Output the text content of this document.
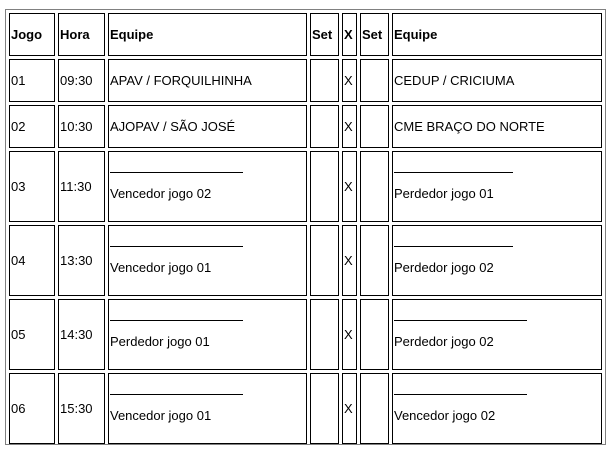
Jogo	Hora	Equipe	Set	X	Set	Equipe
01	09:30	APAV / FORQUILHINHA		X		CEDUP / CRICIUMA
02	10:30	AJOPAV / SÃO JOSÉ		X		CME BRAÇO DO NORTE
03	11:30	Vencedor jogo 02		X		Perdedor jogo 01
04	13:30	Vencedor jogo 01		X		Perdedor jogo 02
05	14:30	Perdedor jogo 01		X		Perdedor jogo 02
06	15:30	Vencedor jogo 01		X		Vencedor jogo 02
